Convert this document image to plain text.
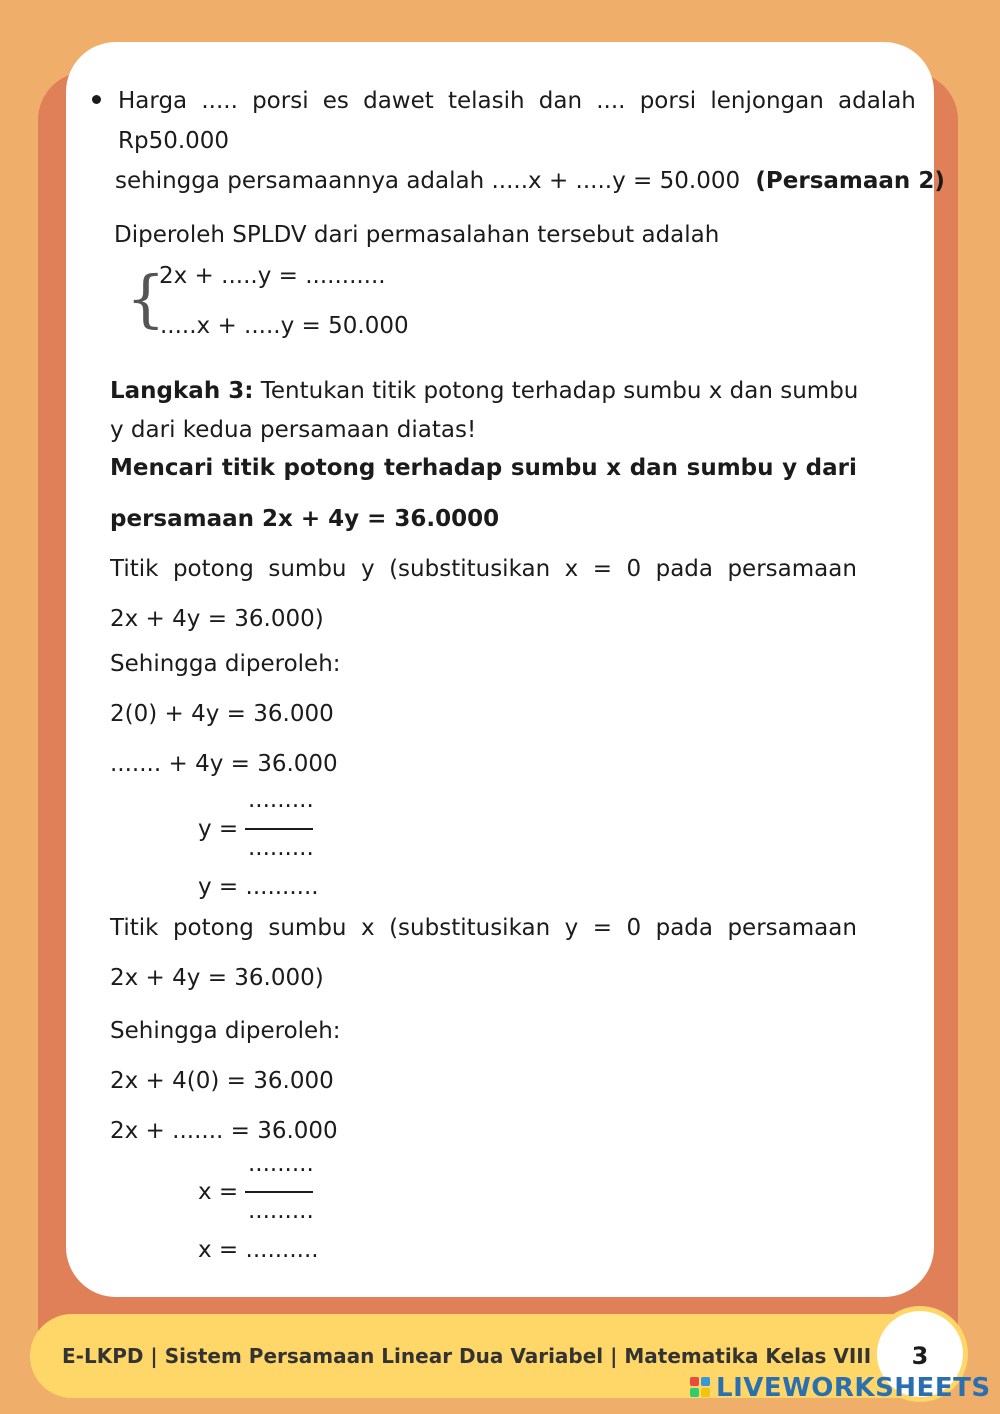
Harga ..... porsi es dawet telasih dan .... porsi lenjongan adalah
Rp50.000
sehingga persamaannya adalah .....x + .....y = 50.000 (Persamaan 2)
Diperoleh SPLDV dari permasalahan tersebut adalah
{
2x + .....y = ...........
.....x + .....y = 50.000
Langkah 3: Tentukan titik potong terhadap sumbu x dan sumbu
y dari kedua persamaan diatas!
Mencari titik potong terhadap sumbu x dan sumbu y dari
persamaan 2x + 4y = 36.0000
Titik potong sumbu y (substitusikan x = 0 pada persamaan
2x + 4y = 36.000)
Sehingga diperoleh:
2(0) + 4y = 36.000
....... + 4y = 36.000
.........
y =
.........
y = ..........
Titik potong sumbu x (substitusikan y = 0 pada persamaan
2x + 4y = 36.000)
Sehingga diperoleh:
2x + 4(0) = 36.000
2x + ....... = 36.000
.........
x =
.........
x = ..........
E-LKPD | Sistem Persamaan Linear Dua Variabel | Matematika Kelas VIII	3
LIVEWORKSHEETS
